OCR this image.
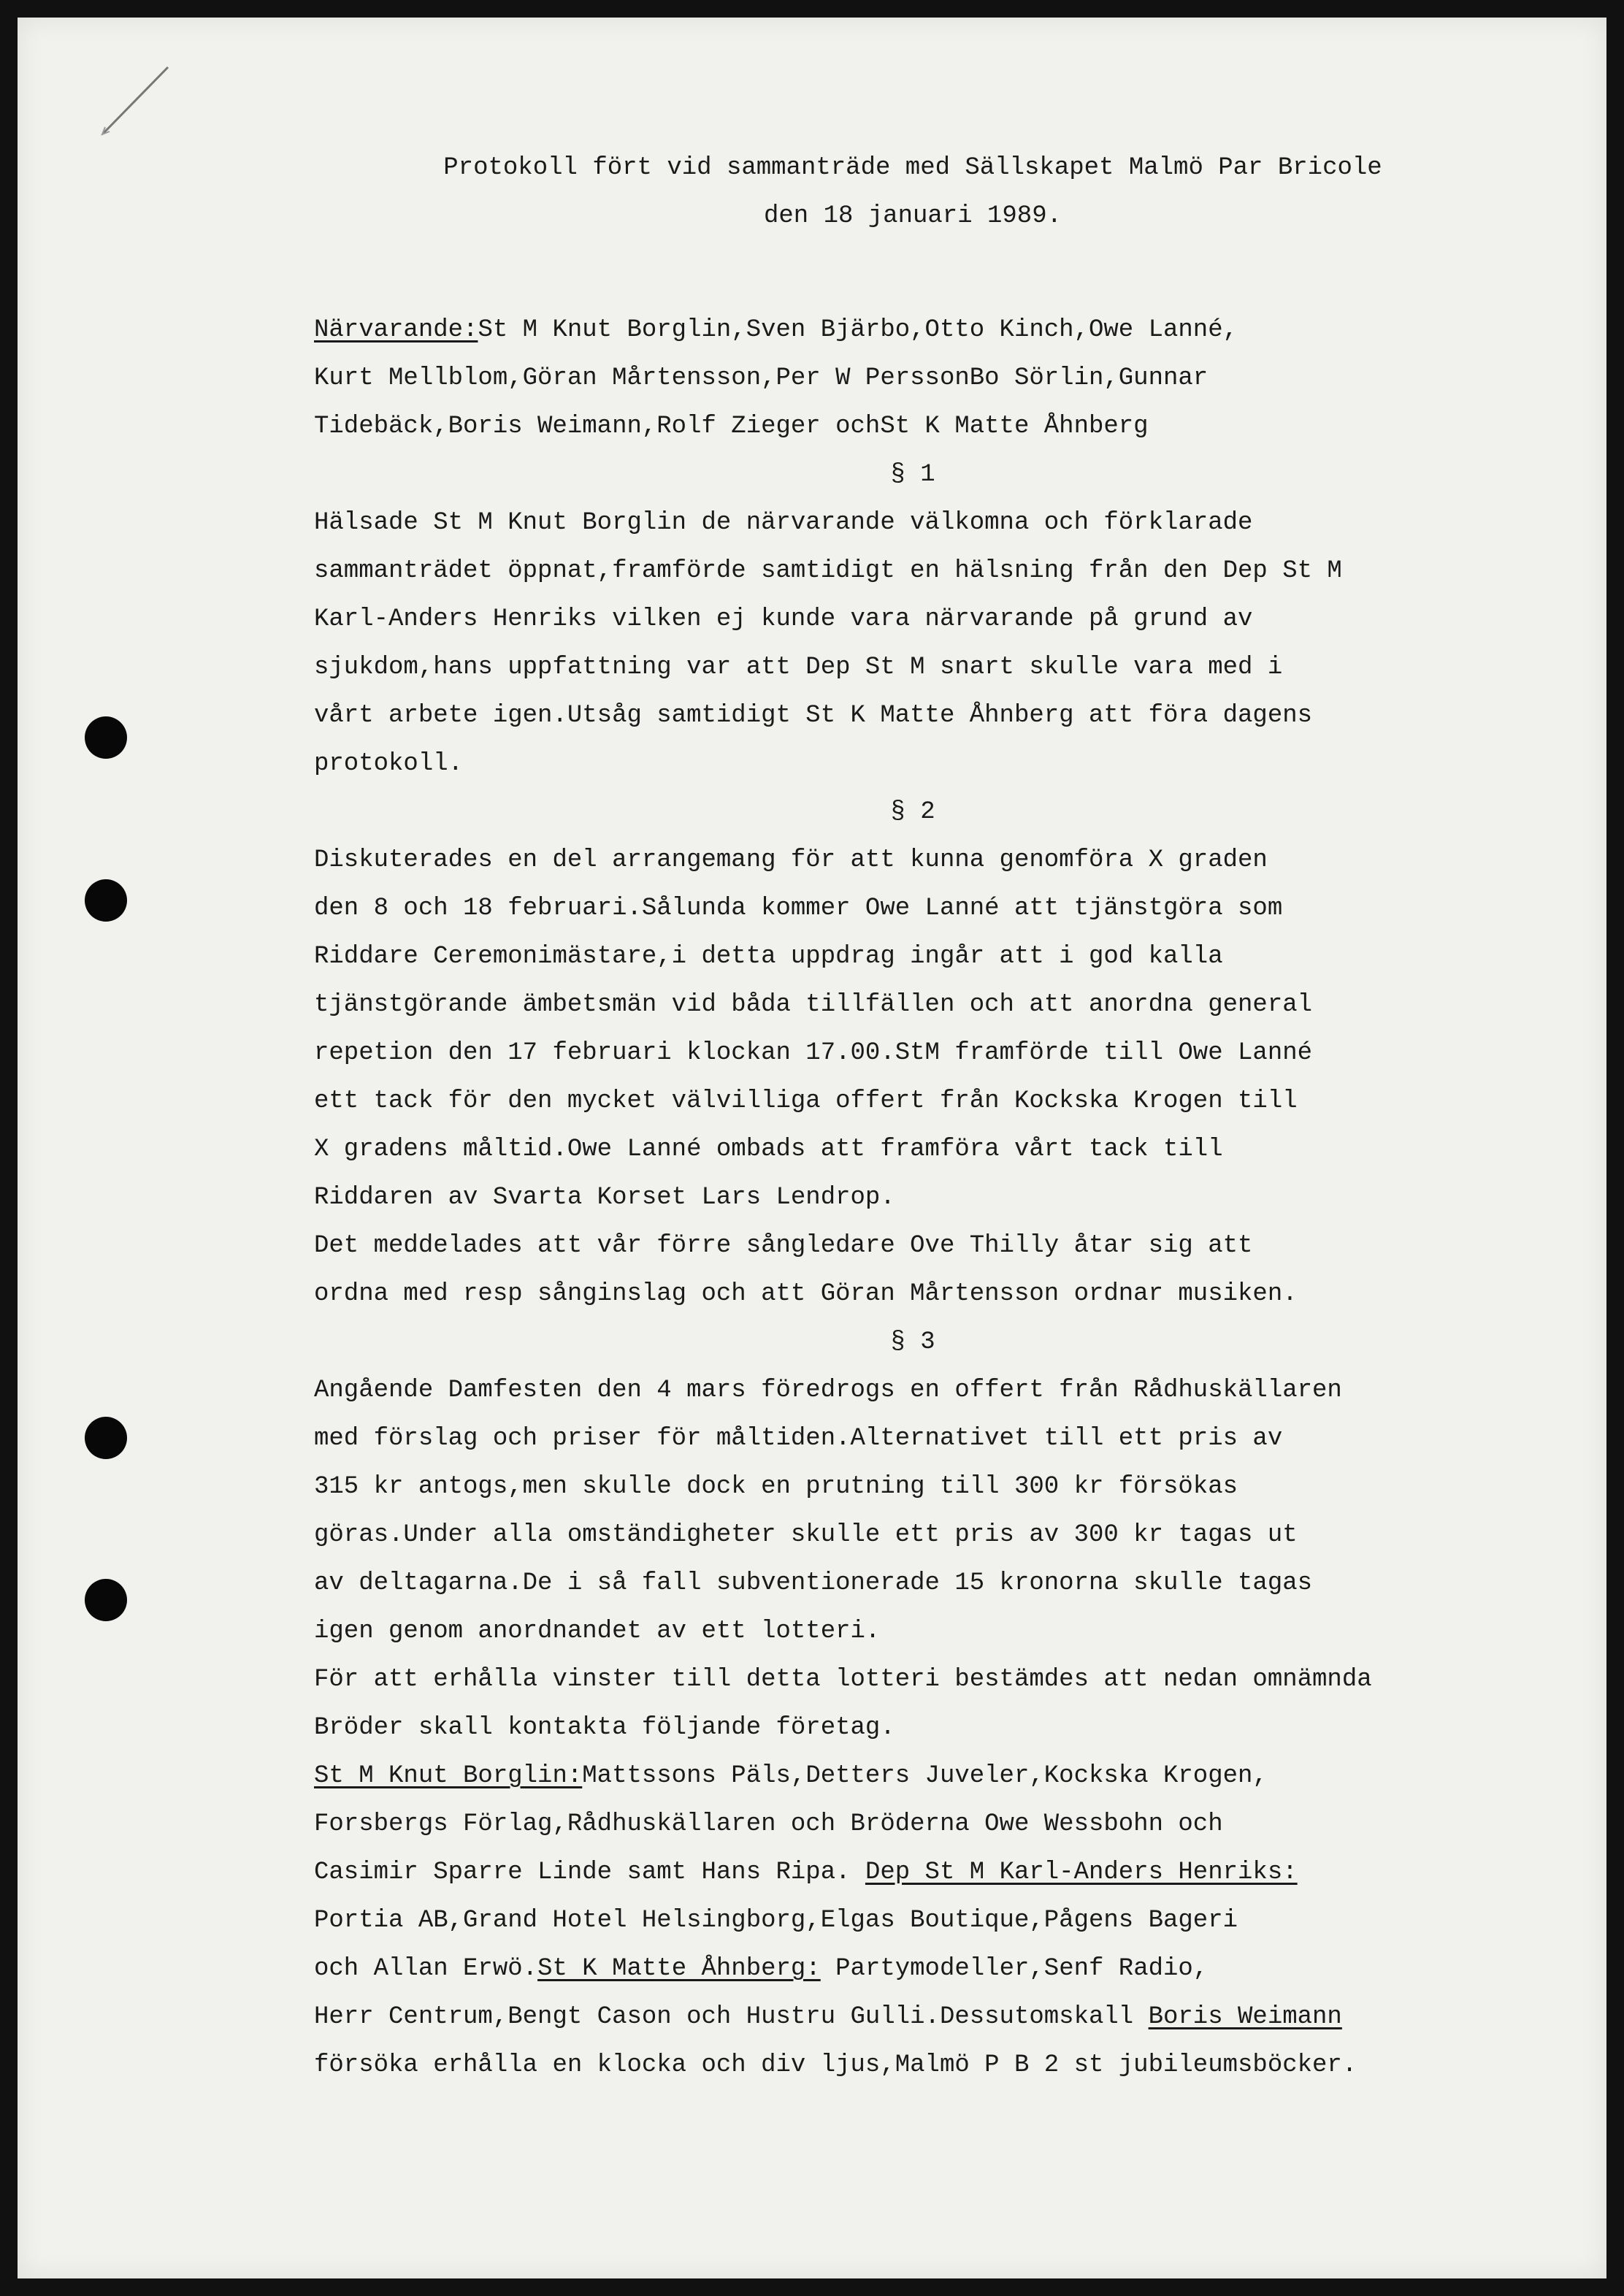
Protokoll fört vid sammanträde med Sällskapet Malmö Par Bricole
den 18 januari 1989.
Närvarande:St M Knut Borglin,Sven Bjärbo,Otto Kinch,Owe Lanné,
Kurt Mellblom,Göran Mårtensson,Per W PerssonBo Sörlin,Gunnar
Tidebäck,Boris Weimann,Rolf Zieger ochSt K Matte Åhnberg
§ 1
Hälsade St M Knut Borglin de närvarande välkomna och förklarade
sammanträdet öppnat,framförde samtidigt en hälsning från den Dep St M
Karl-Anders Henriks vilken ej kunde vara närvarande på grund av
sjukdom,hans uppfattning var att Dep St M snart skulle vara med i
vårt arbete igen.Utsåg samtidigt St K Matte Åhnberg att föra dagens
protokoll.
§ 2
Diskuterades en del arrangemang för att kunna genomföra X graden
den 8 och 18 februari.Sålunda kommer Owe Lanné att tjänstgöra som
Riddare Ceremonimästare,i detta uppdrag ingår att i god kalla
tjänstgörande ämbetsmän vid båda tillfällen och att anordna general
repetion den 17 februari klockan 17.00.StM framförde till Owe Lanné
ett tack för den mycket välvilliga offert från Kockska Krogen till
X gradens måltid.Owe Lanné ombads att framföra vårt tack till
Riddaren av Svarta Korset Lars Lendrop.
Det meddelades att vår förre sångledare Ove Thilly åtar sig att
ordna med resp sånginslag och att Göran Mårtensson ordnar musiken.
§ 3
Angående Damfesten den 4 mars föredrogs en offert från Rådhuskällaren
med förslag och priser för måltiden.Alternativet till ett pris av
315 kr antogs,men skulle dock en prutning till 300 kr försökas
göras.Under alla omständigheter skulle ett pris av 300 kr tagas ut
av deltagarna.De i så fall subventionerade 15 kronorna skulle tagas
igen genom anordnandet av ett lotteri.
För att erhålla vinster till detta lotteri bestämdes att nedan omnämnda
Bröder skall kontakta följande företag.
St M Knut Borglin:Mattssons Päls,Detters Juveler,Kockska Krogen,
Forsbergs Förlag,Rådhuskällaren och Bröderna Owe Wessbohn och
Casimir Sparre Linde samt Hans Ripa. Dep St M Karl-Anders Henriks:
Portia AB,Grand Hotel Helsingborg,Elgas Boutique,Pågens Bageri
och Allan Erwö.St K Matte Åhnberg: Partymodeller,Senf Radio,
Herr Centrum,Bengt Cason och Hustru Gulli.Dessutomskall Boris Weimann
försöka erhålla en klocka och div ljus,Malmö P B 2 st jubileumsböcker.
